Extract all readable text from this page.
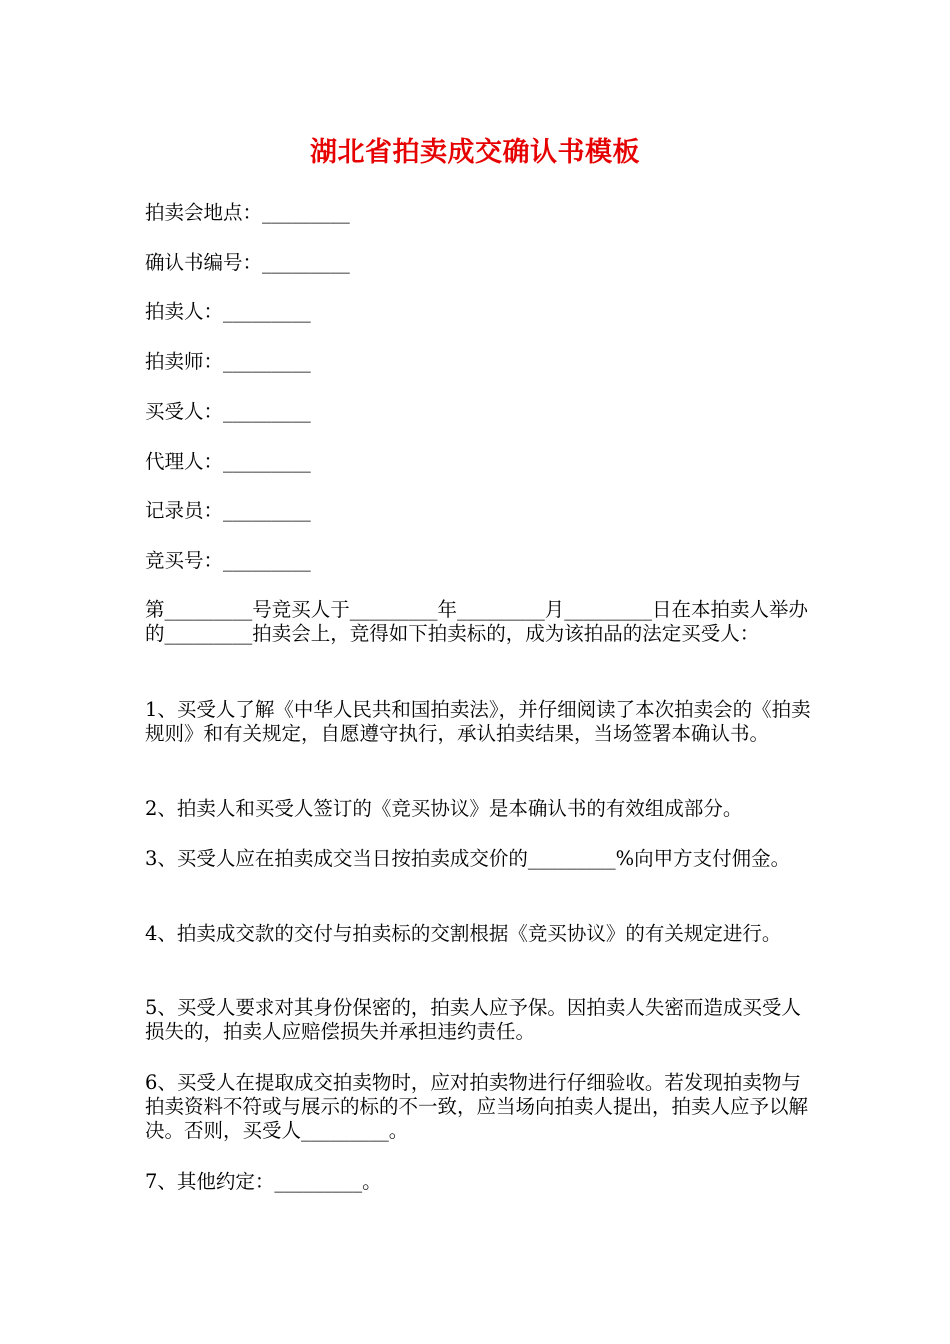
湖北省拍卖成交确认书模板
拍卖会地点：_________
确认书编号：_________
拍卖人：_________
拍卖师：_________
买受人：_________
代理人：_________
记录员：_________
竞买号：_________
第_________号竞买人于_________年_________月_________日在本拍卖人举办的_________拍卖会上，竞得如下拍卖标的，成为该拍品的法定买受人：
1、买受人了解《中华人民共和国拍卖法》，并仔细阅读了本次拍卖会的《拍卖规则》和有关规定，自愿遵守执行，承认拍卖结果，当场签署本确认书。
2、拍卖人和买受人签订的《竞买协议》是本确认书的有效组成部分。
3、买受人应在拍卖成交当日按拍卖成交价的_________%向甲方支付佣金。
4、拍卖成交款的交付与拍卖标的交割根据《竞买协议》的有关规定进行。
5、买受人要求对其身份保密的，拍卖人应予保。因拍卖人失密而造成买受人损失的，拍卖人应赔偿损失并承担违约责任。
6、买受人在提取成交拍卖物时，应对拍卖物进行仔细验收。若发现拍卖物与拍卖资料不符或与展示的标的不一致，应当场向拍卖人提出，拍卖人应予以解决。否则，买受人_________。
7、其他约定：_________。
